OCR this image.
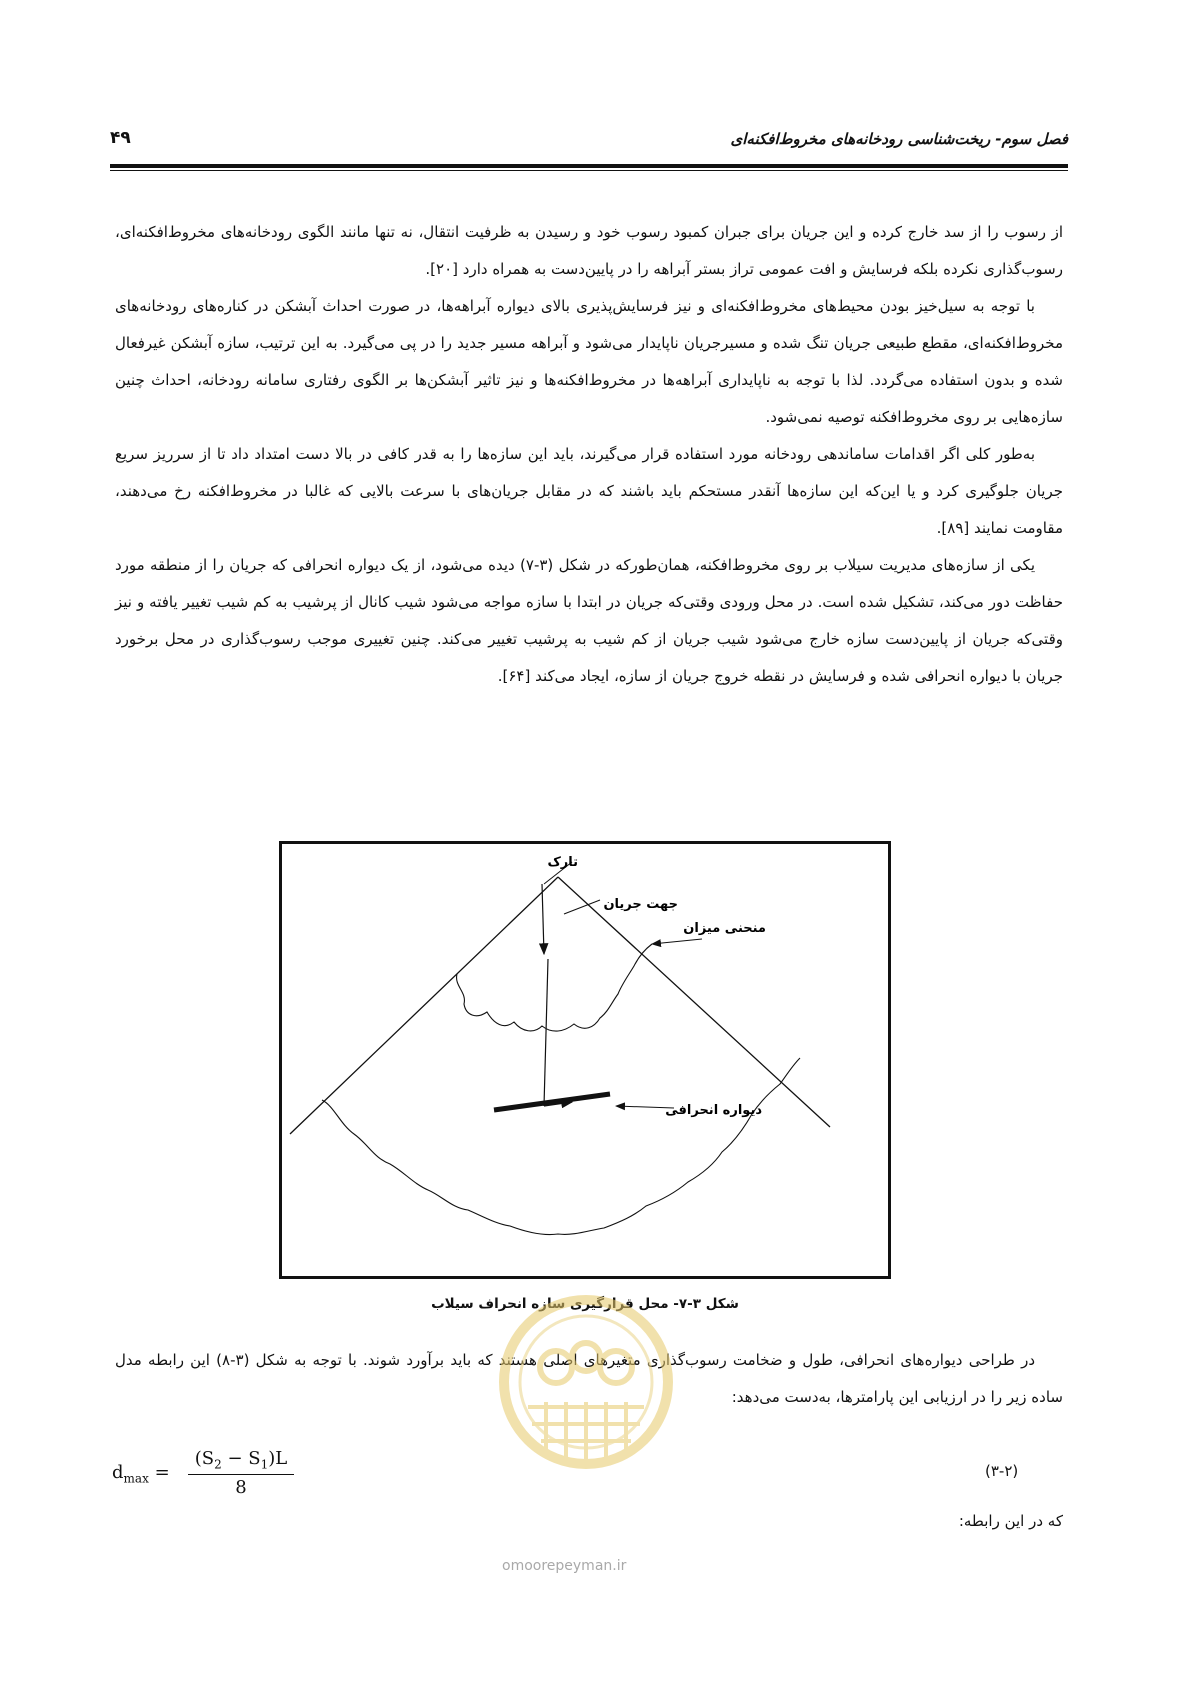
فصل سوم- ریخت‌شناسی رودخانه‌های مخروط‌افکنه‌ای
۴۹

از رسوب را از سد خارج کرده و این جریان برای جبران کمبود رسوب خود و رسیدن به ظرفیت انتقال، نه تنها مانند الگوی رودخانه‌های مخروط‌افکنه‌ای، رسوب‌گذاری نکرده بلکه فرسایش و افت عمومی تراز بستر آبراهه را در پایین‌دست به همراه دارد [۲۰].

با توجه به سیل‌خیز بودن محیط‌های مخروط‌افکنه‌ای و نیز فرسایش‌پذیری بالای دیواره آبراهه‌ها، در صورت احداث آبشکن در کناره‌های رودخانه‌های مخروط‌افکنه‌ای، مقطع طبیعی جریان تنگ شده و مسیرجریان ناپایدار می‌شود و آبراهه مسیر جدید را در پی می‌گیرد. به این ترتیب، سازه آبشکن غیرفعال شده و بدون استفاده می‌گردد. لذا با توجه به ناپایداری آبراهه‌ها در مخروط‌افکنه‌ها و نیز تاثیر آبشکن‌ها بر الگوی رفتاری سامانه رودخانه، احداث چنین سازه‌هایی بر روی مخروط‌افکنه توصیه نمی‌شود.

به‌طور کلی اگر اقدامات ساماندهی رودخانه مورد استفاده قرار می‌گیرند، باید این سازه‌ها را به قدر کافی در بالا دست امتداد داد تا از سرریز سریع جریان جلوگیری کرد و یا این‌که این سازه‌ها آنقدر مستحکم باید باشند که در مقابل جریان‌های با سرعت بالایی که غالبا در مخروط‌افکنه رخ می‌دهند، مقاومت نمایند [۸۹].

یکی از سازه‌های مدیریت سیلاب بر روی مخروط‌افکنه، همان‌طورکه در شکل (۳-۷) دیده می‌شود، از یک دیواره انحرافی که جریان را از منطقه مورد حفاظت دور می‌کند، تشکیل شده است. در محل ورودی وقتی‌که جریان در ابتدا با سازه مواجه می‌شود شیب کانال از پرشیب به کم شیب تغییر یافته و نیز وقتی‌که جریان از پایین‌دست سازه خارج می‌شود شیب جریان از کم شیب به پرشیب تغییر می‌کند. چنین تغییری موجب رسوب‌گذاری در محل برخورد جریان با دیواره انحرافی شده و فرسایش در نقطه خروج جریان از سازه، ایجاد می‌کند [۶۴].

تارک
جهت جریان
منحنی میزان
دیواره انحرافی
شکل ۳-۷- محل قرارگیری سازه انحراف سیلاب

در طراحی دیواره‌های انحرافی، طول و ضخامت رسوب‌گذاری متغیرهای اصلی هستند که باید برآورد شوند. با توجه به شکل (۳-۸) این رابطه مدل ساده زیر را در ارزیابی این پارامترها، به‌دست می‌دهد:

$d_{max} = \frac{(S_2 - S_1)L}{8}$	(۳-۲)
که در این رابطه:
omoorepeyman.ir
